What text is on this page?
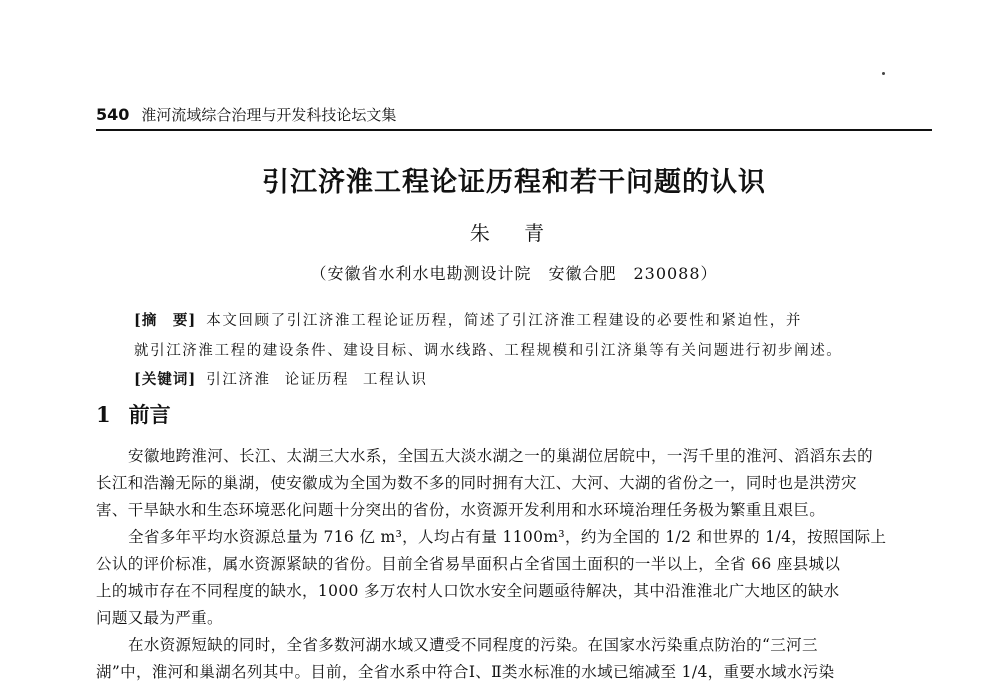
540 淮河流域综合治理与开发科技论坛文集
引江济淮工程论证历程和若干问题的认识
朱 青
（安徽省水利水电勘测设计院　安徽合肥　230088）
[摘　要] 本文回顾了引江济淮工程论证历程，简述了引江济淮工程建设的必要性和紧迫性，并
就引江济淮工程的建设条件、建设目标、调水线路、工程规模和引江济巢等有关问题进行初步阐述。
[关键词] 引江济淮 论证历程 工程认识
1 前言
安徽地跨淮河、长江、太湖三大水系，全国五大淡水湖之一的巢湖位居皖中，一泻千里的淮河、滔滔东去的
长江和浩瀚无际的巢湖，使安徽成为全国为数不多的同时拥有大江、大河、大湖的省份之一，同时也是洪涝灾
害、干旱缺水和生态环境恶化问题十分突出的省份，水资源开发利用和水环境治理任务极为繁重且艰巨。
全省多年平均水资源总量为 716 亿 m³，人均占有量 1100m³，约为全国的 1/2 和世界的 1/4，按照国际上
公认的评价标准，属水资源紧缺的省份。目前全省易旱面积占全省国土面积的一半以上，全省 66 座县城以
上的城市存在不同程度的缺水，1000 多万农村人口饮水安全问题亟待解决，其中沿淮淮北广大地区的缺水
问题又最为严重。
在水资源短缺的同时，全省多数河湖水域又遭受不同程度的污染。在国家水污染重点防治的“三河三
湖”中，淮河和巢湖名列其中。目前，全省水系中符合Ⅰ、Ⅱ类水标准的水域已缩减至 1/4，重要水域水污染
